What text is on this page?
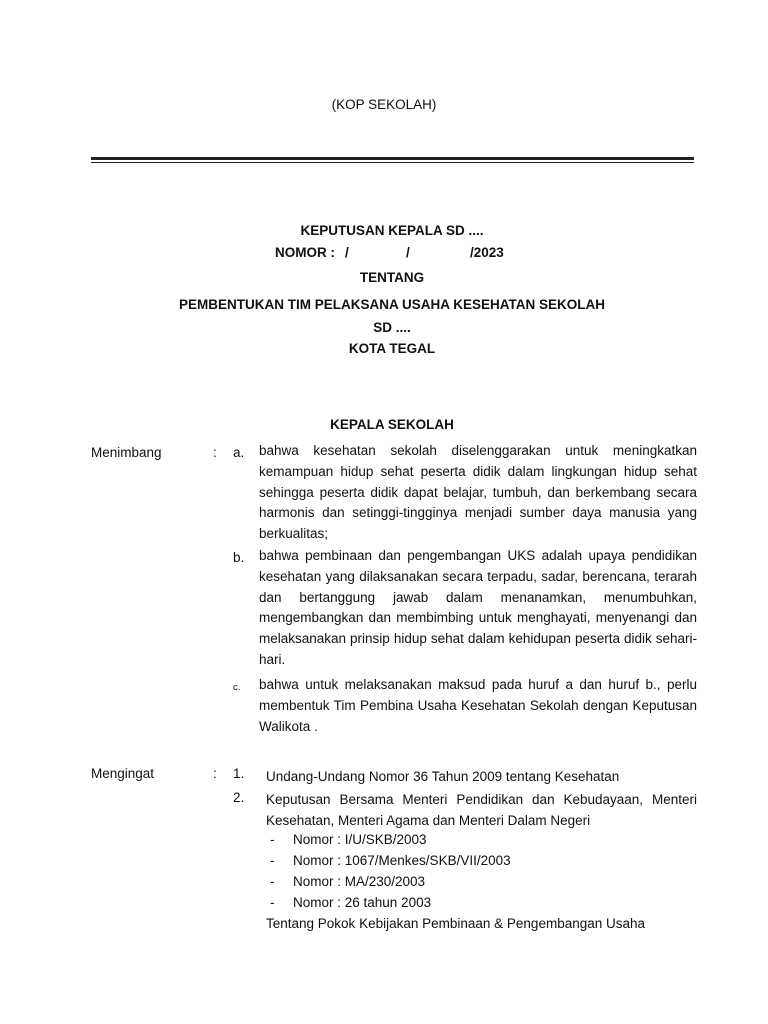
(KOP SEKOLAH)
KEPUTUSAN KEPALA SD ....
NOMOR : /	/	/2023
TENTANG
PEMBENTUKAN TIM PELAKSANA USAHA KESEHATAN SEKOLAH
SD ....
KOTA TEGAL
KEPALA SEKOLAH
Menimbang	: a. bahwa kesehatan sekolah diselenggarakan untuk meningkatkan kemampuan hidup sehat peserta didik dalam lingkungan hidup sehat sehingga peserta didik dapat belajar, tumbuh, dan berkembang secara harmonis dan setinggi-tingginya menjadi sumber daya manusia yang berkualitas;
b. bahwa pembinaan dan pengembangan UKS adalah upaya pendidikan kesehatan yang dilaksanakan secara terpadu, sadar, berencana, terarah dan bertanggung jawab dalam menanamkan, menumbuhkan, mengembangkan dan membimbing untuk menghayati, menyenangi dan melaksanakan prinsip hidup sehat dalam kehidupan peserta didik sehari-hari.
c. bahwa untuk melaksanakan maksud pada huruf a dan huruf b., perlu membentuk Tim Pembina Usaha Kesehatan Sekolah dengan Keputusan Walikota .
Mengingat	: 1. Undang-Undang Nomor 36 Tahun 2009 tentang Kesehatan
2. Keputusan Bersama Menteri Pendidikan dan Kebudayaan, Menteri Kesehatan, Menteri Agama dan Menteri Dalam Negeri
- Nomor : I/U/SKB/2003
- Nomor : 1067/Menkes/SKB/VII/2003
- Nomor : MA/230/2003
- Nomor : 26 tahun 2003
Tentang Pokok Kebijakan Pembinaan & Pengembangan Usaha
